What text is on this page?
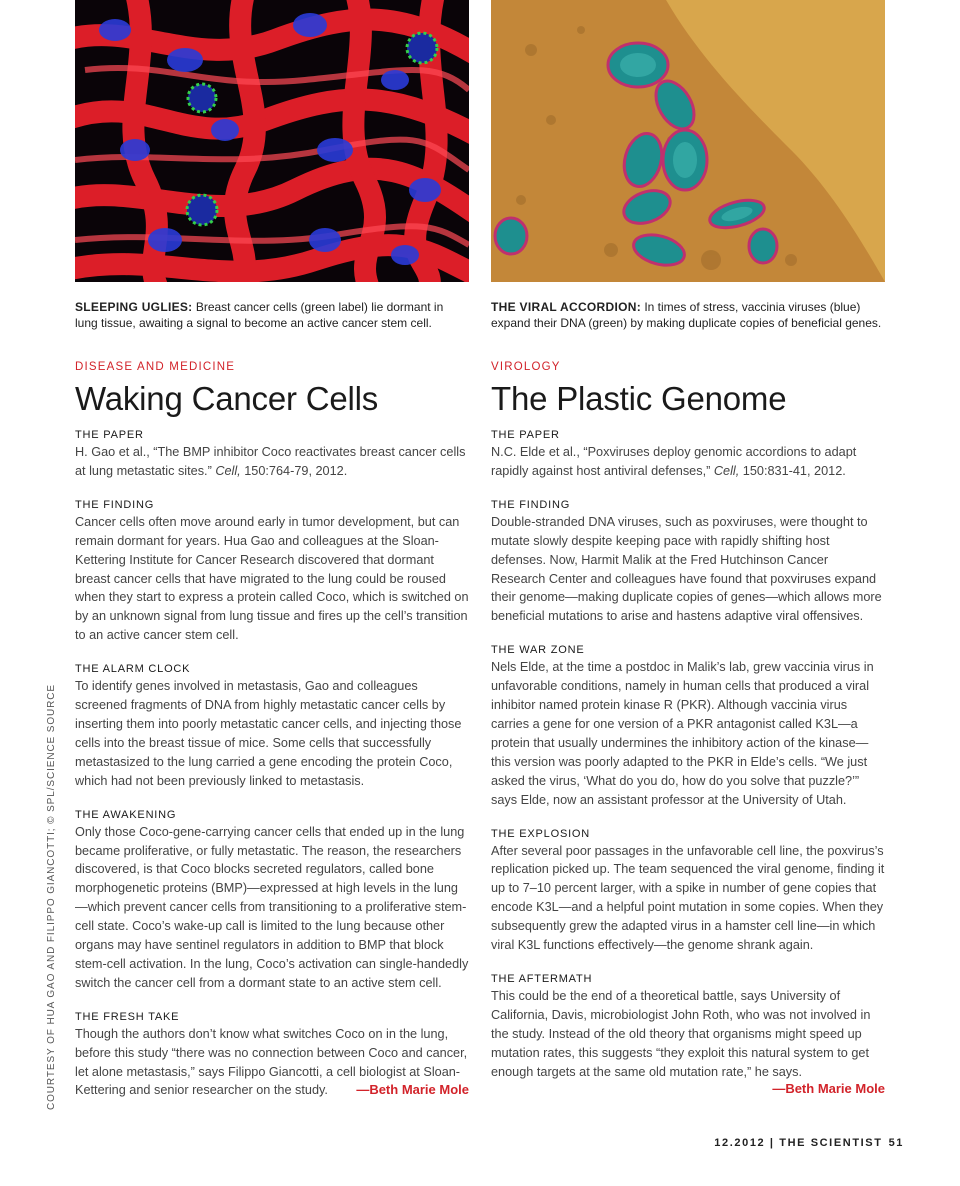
COURTESY OF HUA GAO AND FILIPPO GIANCOTTI; © SPL/SCIENCE SOURCE
SLEEPING UGLIES: Breast cancer cells (green label) lie dormant in lung tissue, awaiting a signal to become an active cancer stem cell.
DISEASE AND MEDICINE
Waking Cancer Cells
THE PAPER
H. Gao et al., “The BMP inhibitor Coco reactivates breast cancer cells at lung metastatic sites.” Cell, 150:764-79, 2012.
THE FINDING
Cancer cells often move around early in tumor development, but can remain dormant for years. Hua Gao and colleagues at the Sloan-Kettering Institute for Cancer Research discovered that dormant breast cancer cells that have migrated to the lung could be roused when they start to express a protein called Coco, which is switched on by an unknown signal from lung tissue and fires up the cell’s transition to an active cancer stem cell.
THE ALARM CLOCK
To identify genes involved in metastasis, Gao and colleagues screened fragments of DNA from highly metastatic cancer cells by inserting them into poorly metastatic cancer cells, and injecting those cells into the breast tissue of mice. Some cells that successfully metastasized to the lung carried a gene encoding the protein Coco, which had not been previously linked to metastasis.
THE AWAKENING
Only those Coco-gene-carrying cancer cells that ended up in the lung became proliferative, or fully metastatic. The reason, the researchers discovered, is that Coco blocks secreted regulators, called bone morphogenetic proteins (BMP)—expressed at high levels in the lung—which prevent cancer cells from transitioning to a proliferative stem-cell state. Coco’s wake-up call is limited to the lung because other organs may have sentinel regulators in addition to BMP that block stem-cell activation. In the lung, Coco’s activation can single-handedly switch the cancer cell from a dormant state to an active stem cell.
THE FRESH TAKE
Though the authors don’t know what switches Coco on in the lung, before this study “there was no connection between Coco and cancer, let alone metastasis,” says Filippo Giancotti, a cell biologist at Sloan-Kettering and senior researcher on the study. —Beth Marie Mole
THE VIRAL ACCORDION: In times of stress, vaccinia viruses (blue) expand their DNA (green) by making duplicate copies of beneficial genes.
VIROLOGY
The Plastic Genome
THE PAPER
N.C. Elde et al., “Poxviruses deploy genomic accordions to adapt rapidly against host antiviral defenses,” Cell, 150:831-41, 2012.
THE FINDING
Double-stranded DNA viruses, such as poxviruses, were thought to mutate slowly despite keeping pace with rapidly shifting host defenses. Now, Harmit Malik at the Fred Hutchinson Cancer Research Center and colleagues have found that poxviruses expand their genome—making duplicate copies of genes—which allows more beneficial mutations to arise and hastens adaptive viral offensives.
THE WAR ZONE
Nels Elde, at the time a postdoc in Malik’s lab, grew vaccinia virus in unfavorable conditions, namely in human cells that produced a viral inhibitor named protein kinase R (PKR). Although vaccinia virus carries a gene for one version of a PKR antagonist called K3L—a protein that usually undermines the inhibitory action of the kinase—this version was poorly adapted to the PKR in Elde’s cells. “We just asked the virus, ‘What do you do, how do you solve that puzzle?’” says Elde, now an assistant professor at the University of Utah.
THE EXPLOSION
After several poor passages in the unfavorable cell line, the poxvirus’s replication picked up. The team sequenced the viral genome, finding it up to 7–10 percent larger, with a spike in number of gene copies that encode K3L—and a helpful point mutation in some copies. When they subsequently grew the adapted virus in a hamster cell line—in which viral K3L functions effectively—the genome shrank again.
THE AFTERMATH
This could be the end of a theoretical battle, says University of California, Davis, microbiologist John Roth, who was not involved in the study. Instead of the old theory that organisms might speed up mutation rates, this suggests “they exploit this natural system to get enough targets at the same old mutation rate,” he says.
—Beth Marie Mole
12.2012 | THE SCIENTIST 51
